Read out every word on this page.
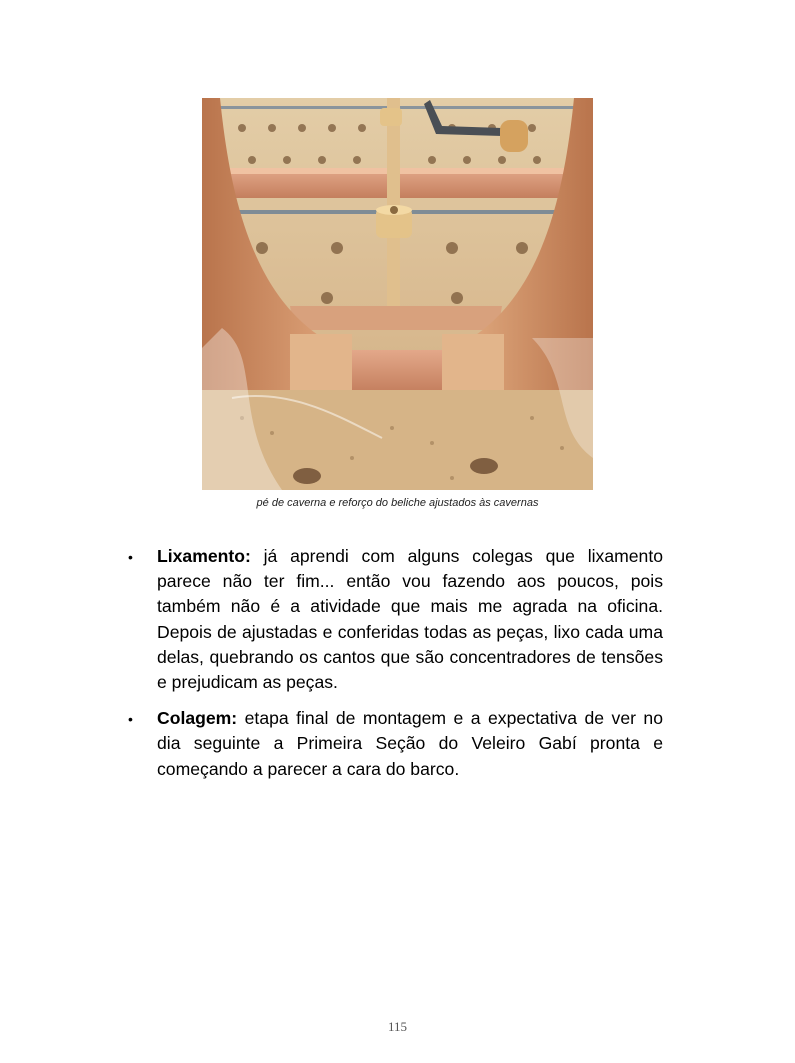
pé de caverna e reforço do beliche ajustados às cavernas
• Lixamento: já aprendi com alguns colegas que lixamento parece não ter fim... então vou fazendo aos poucos, pois também não é a atividade que mais me agrada na oficina. Depois de ajustadas e conferidas todas as peças, lixo cada uma delas, quebrando os cantos que são concentradores de tensões e prejudicam as peças.
• Colagem: etapa final de montagem e a expectativa de ver no dia seguinte a Primeira Seção do Veleiro Gabí pronta e começando a parecer a cara do barco.
115
